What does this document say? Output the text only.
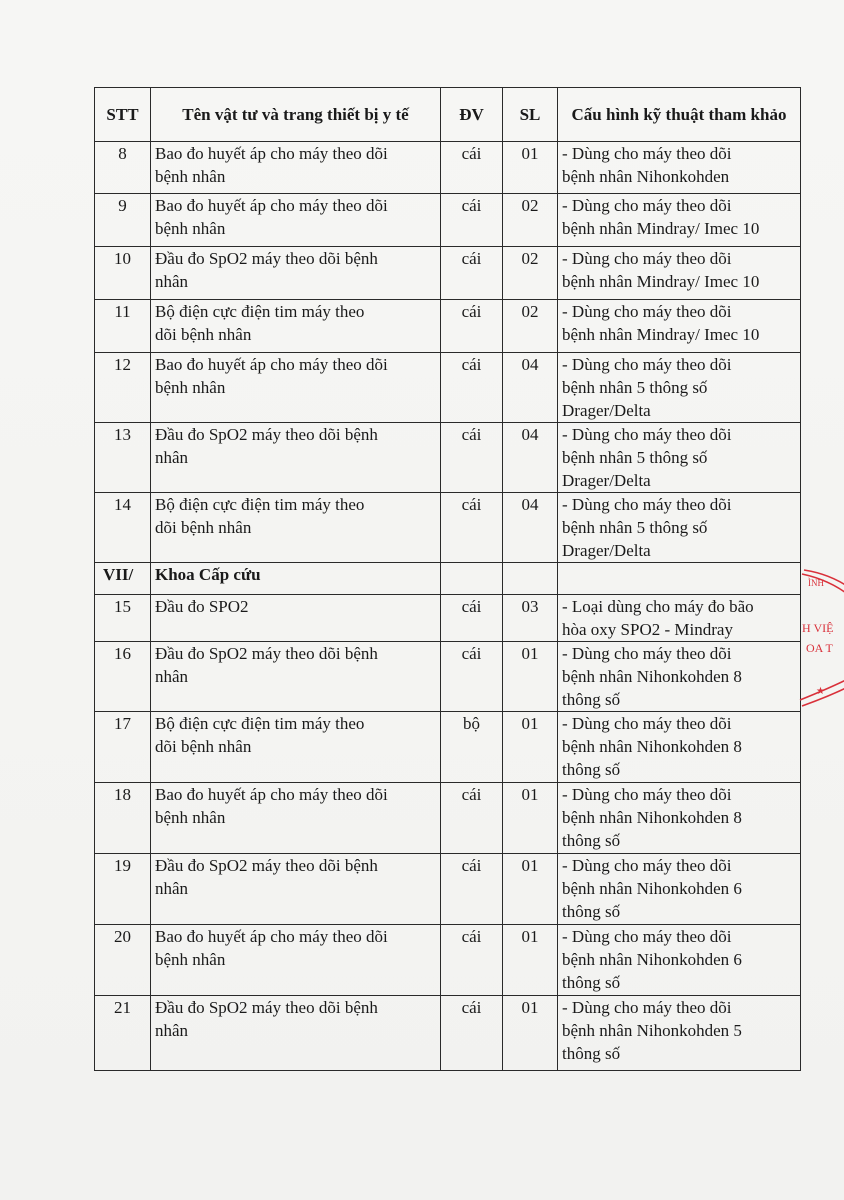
STT	Tên vật tư và trang thiết bị y tế	ĐV	SL	Cấu hình kỹ thuật tham khảo
8	Bao đo huyết áp cho máy theo dõi
bệnh nhân	cái	01	- Dùng cho máy theo dõi
bệnh nhân Nihonkohden
9	Bao đo huyết áp cho máy theo dõi
bệnh nhân	cái	02	- Dùng cho máy theo dõi
bệnh nhân Mindray/ Imec 10
10	Đầu đo SpO2 máy theo dõi bệnh
nhân	cái	02	- Dùng cho máy theo dõi
bệnh nhân Mindray/ Imec 10
11	Bộ điện cực điện tim máy theo
dõi bệnh nhân	cái	02	- Dùng cho máy theo dõi
bệnh nhân Mindray/ Imec 10
12	Bao đo huyết áp cho máy theo dõi
bệnh nhân	cái	04	- Dùng cho máy theo dõi
bệnh nhân 5 thông số
Drager/Delta
13	Đầu đo SpO2 máy theo dõi bệnh
nhân	cái	04	- Dùng cho máy theo dõi
bệnh nhân 5 thông số
Drager/Delta
14	Bộ điện cực điện tim máy theo
dõi bệnh nhân	cái	04	- Dùng cho máy theo dõi
bệnh nhân 5 thông số
Drager/Delta
VII/	Khoa Cấp cứu			
15	Đầu đo SPO2	cái	03	- Loại dùng cho máy đo bão
hòa oxy SPO2 - Mindray
16	Đầu đo SpO2 máy theo dõi bệnh
nhân	cái	01	- Dùng cho máy theo dõi
bệnh nhân Nihonkohden 8
thông số
17	Bộ điện cực điện tim máy theo
dõi bệnh nhân	bộ	01	- Dùng cho máy theo dõi
bệnh nhân Nihonkohden 8
thông số
18	Bao đo huyết áp cho máy theo dõi
bệnh nhân	cái	01	- Dùng cho máy theo dõi
bệnh nhân Nihonkohden 8
thông số
19	Đầu đo SpO2 máy theo dõi bệnh
nhân	cái	01	- Dùng cho máy theo dõi
bệnh nhân Nihonkohden 6
thông số
20	Bao đo huyết áp cho máy theo dõi
bệnh nhân	cái	01	- Dùng cho máy theo dõi
bệnh nhân Nihonkohden 6
thông số
21	Đầu đo SpO2 máy theo dõi bệnh
nhân	cái	01	- Dùng cho máy theo dõi
bệnh nhân Nihonkohden 5
thông số
ÌNH
H VIỆ
OA T
★
